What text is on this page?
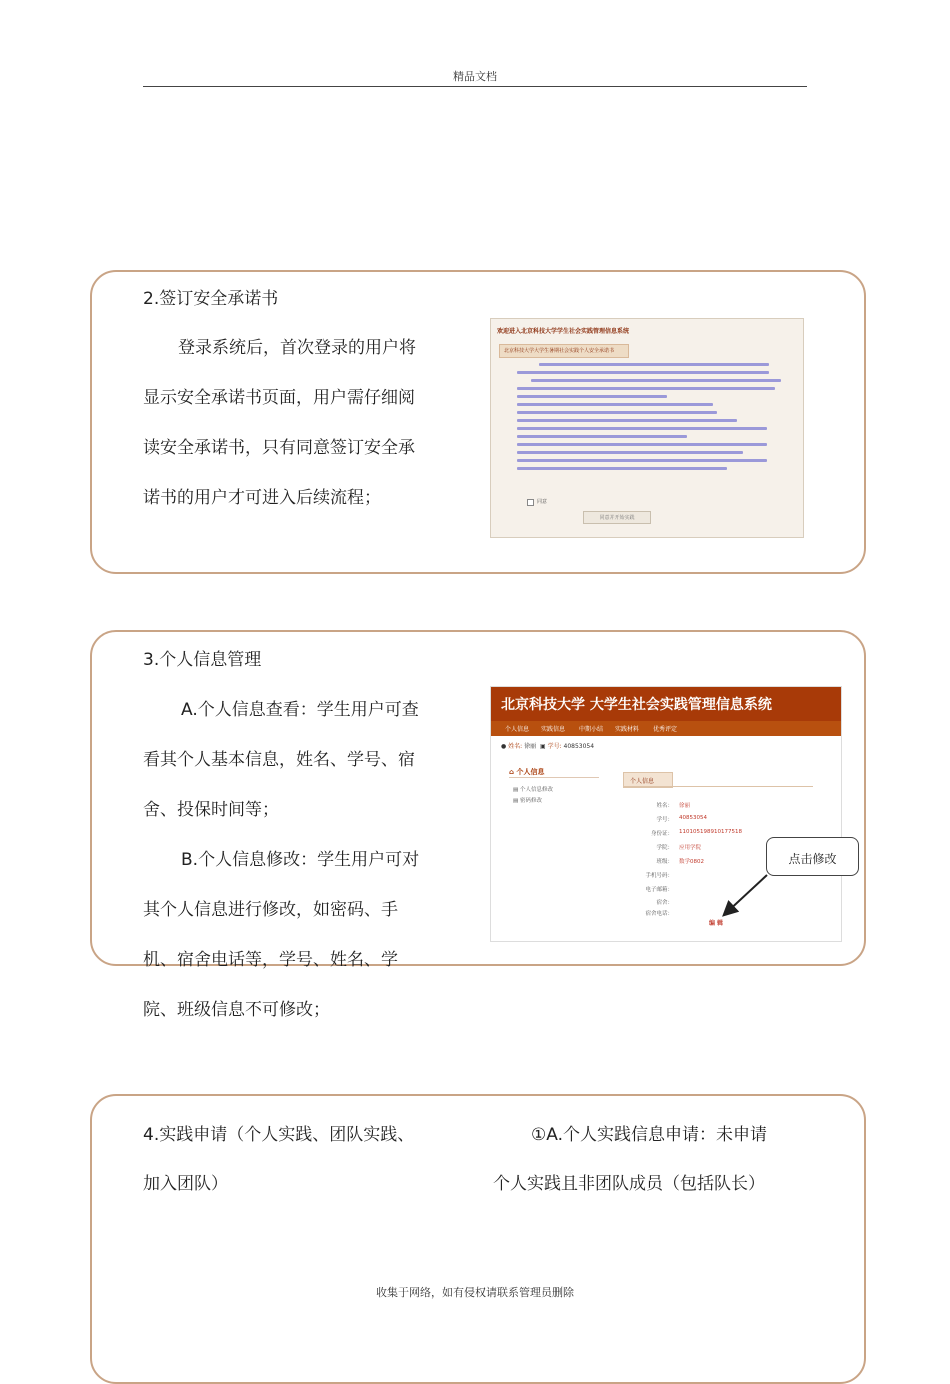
精品文档
收集于网络，如有侵权请联系管理员删除
2.签订安全承诺书
登录系统后，首次登录的用户将
显示安全承诺书页面，用户需仔细阅
读安全承诺书，只有同意签订安全承
诺书的用户才可进入后续流程；
欢迎进入北京科技大学学生社会实践管理信息系统
北京科技大学大学生暑期社会实践个人安全承诺书
同意
同意并开始实践
3.个人信息管理
A.个人信息查看：学生用户可查
看其个人基本信息，姓名、学号、宿
舍、投保时间等；
B.个人信息修改：学生用户可对
其个人信息进行修改，如密码、手
机、宿舍电话等，学号、姓名、学
院、班级信息不可修改；
北京科技大学 大学生社会实践管理信息系统
个人信息 实践信息 中期小结 实践材料 优秀评定
● 姓名: 徐丽 ▣ 学号: 40853054
⌂ 个人信息
▤ 个人信息修改
▤ 密码修改
个人信息
姓名： 徐丽
学号： 40853054
身份证： 110105198910177518
学院： 应用学院
班级： 数学0802
手机号码：
电子邮箱：
宿舍：
宿舍电话：
编 辑
点击修改
4.实践申请（个人实践、团队实践、
加入团队）
①A.个人实践信息申请：未申请
个人实践且非团队成员（包括队长）
